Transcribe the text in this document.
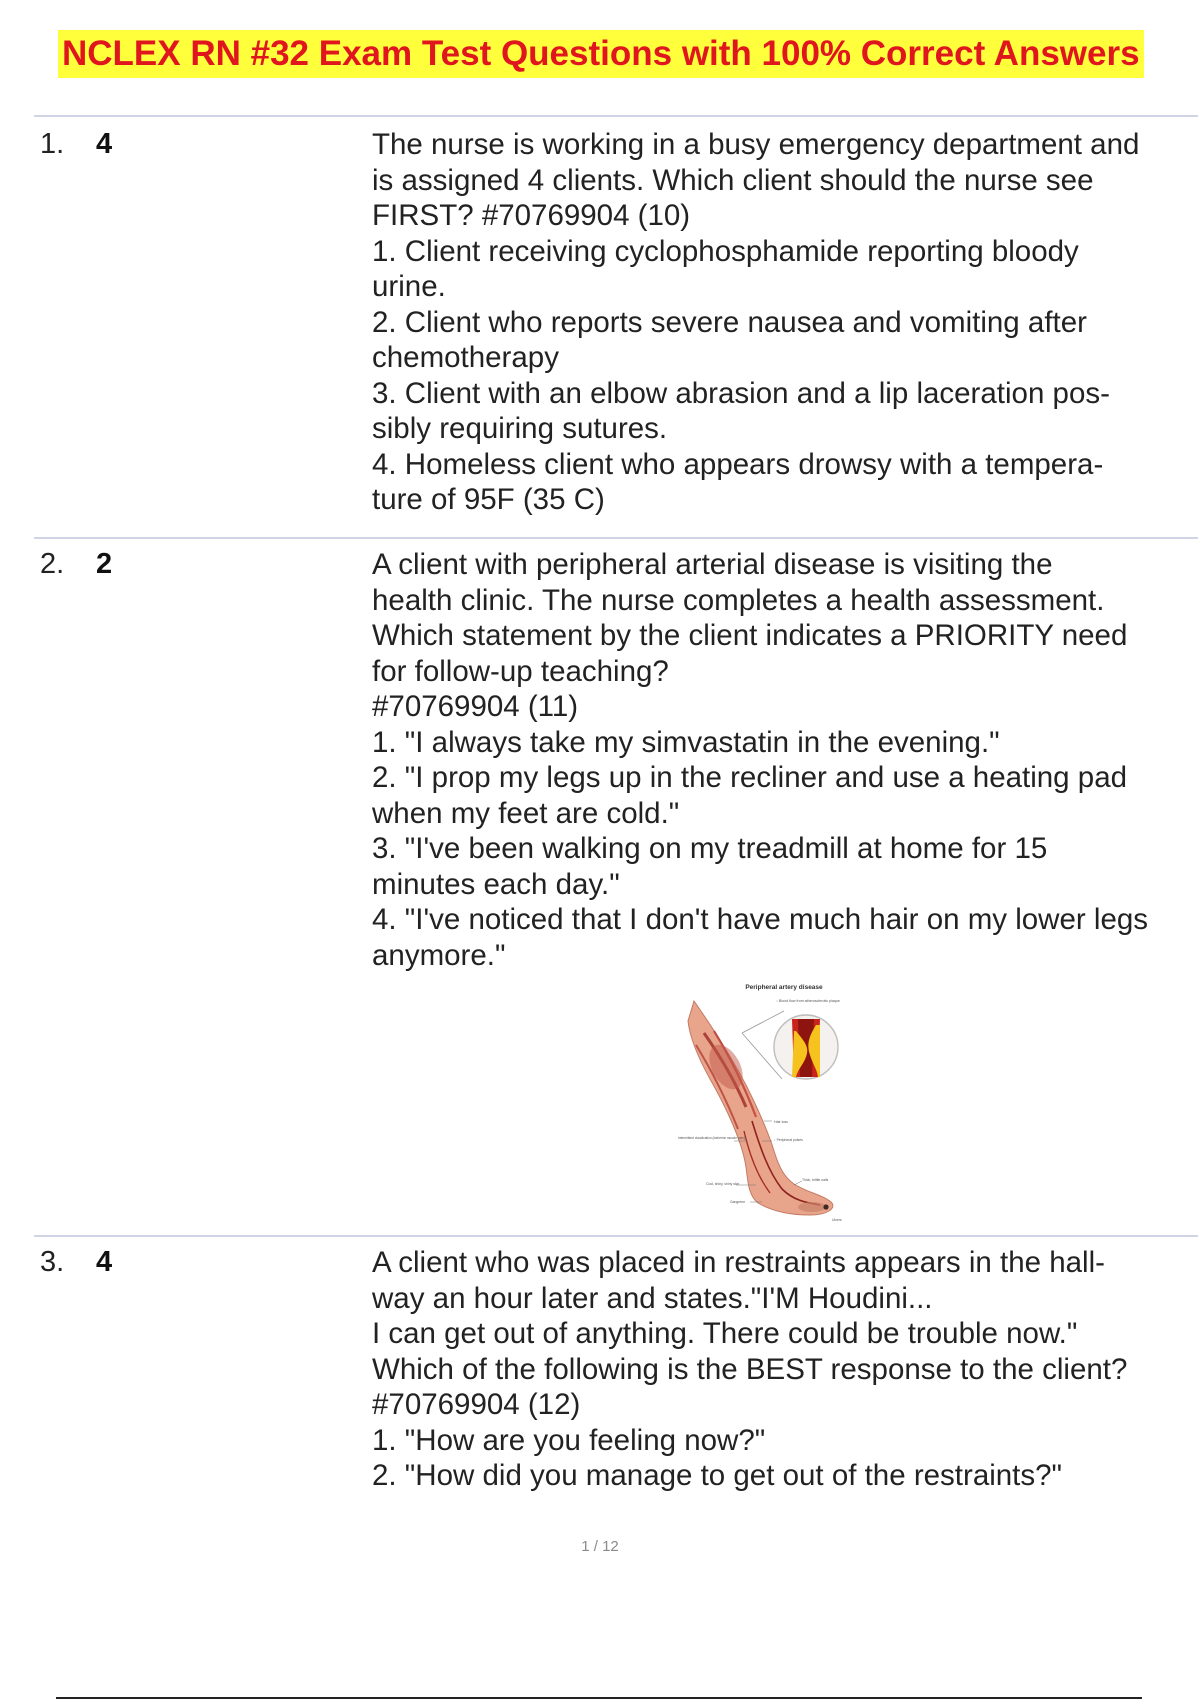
NCLEX RN #32 Exam Test Questions with 100% Correct Answers
1. 4	The nurse is working in a busy emergency department and
is assigned 4 clients. Which client should the nurse see
FIRST? #70769904 (10)
1. Client receiving cyclophosphamide reporting bloody
urine.
2. Client who reports severe nausea and vomiting after
chemotherapy
3. Client with an elbow abrasion and a lip laceration pos-
sibly requiring sutures.
4. Homeless client who appears drowsy with a tempera-
ture of 95F (35 C)
2. 2	A client with peripheral arterial disease is visiting the
health clinic. The nurse completes a health assessment.
Which statement by the client indicates a PRIORITY need
for follow-up teaching?
#70769904 (11)
1. "I always take my simvastatin in the evening."
2. "I prop my legs up in the recliner and use a heating pad
when my feet are cold."
3. "I've been walking on my treadmill at home for 15
minutes each day."
4. "I've noticed that I don't have much hair on my lower legs
anymore."
Peripheral artery disease
↓ Blood flow from atherosclerotic plaque
Hair loss
Intermittent claudication (ischemic muscle pain)	↓ Peripheral pulses
Cool, shiny, shiny skin
Thick, brittle nails
Gangrene
Ulcers
3. 4	A client who was placed in restraints appears in the hall-
way an hour later and states."I'M Houdini...
I can get out of anything. There could be trouble now."
Which of the following is the BEST response to the client?
#70769904 (12)
1. "How are you feeling now?"
2. "How did you manage to get out of the restraints?"
1 / 12
